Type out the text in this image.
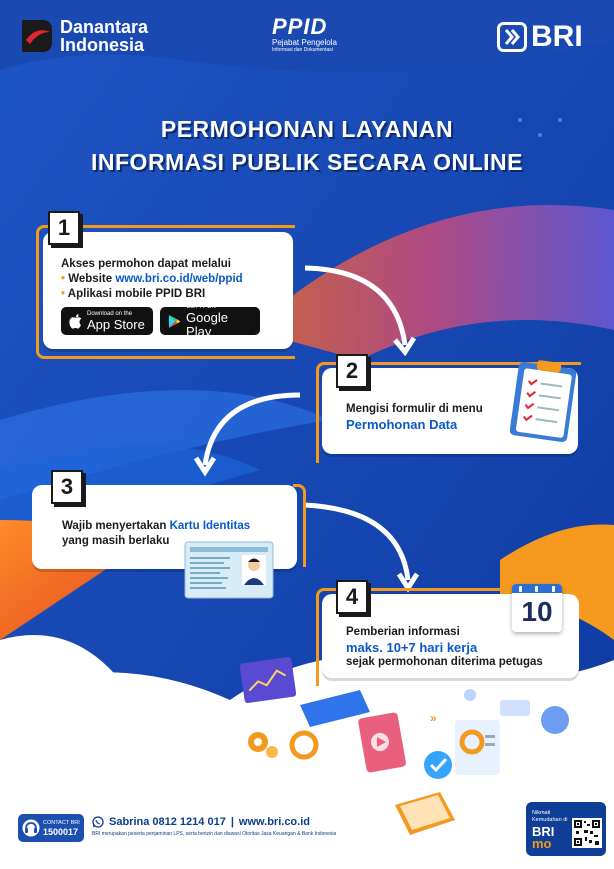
»
Danantara
Indonesia
PPID
Pejabat Pengelola
Informasi dan Dokumentasi	BRI
PERMOHONAN LAYANAN
INFORMASI PUBLIK SECARA ONLINE
Akses permohon dapat melalui
• Website www.bri.co.id/web/ppid
• Aplikasi mobile PPID BRI
Download on the
App Store
GET IT ON
Google Play
1
Mengisi formulir di menu
Permohonan Data
2
Wajib menyertakan Kartu Identitas
yang masih berlaku
3
Pemberian informasi
maks. 10+7 hari kerja
sejak permohonan diterima petugas
4	10
CONTACT BRI
1500017
Sabrina 0812 1214 017 | www.bri.co.id
BRI merupakan peserta penjaminan LPS, serta berizin dan diawasi Otoritas Jasa Keuangan & Bank Indonesia
Nikmati
Kemudahan di
BRI
mo
